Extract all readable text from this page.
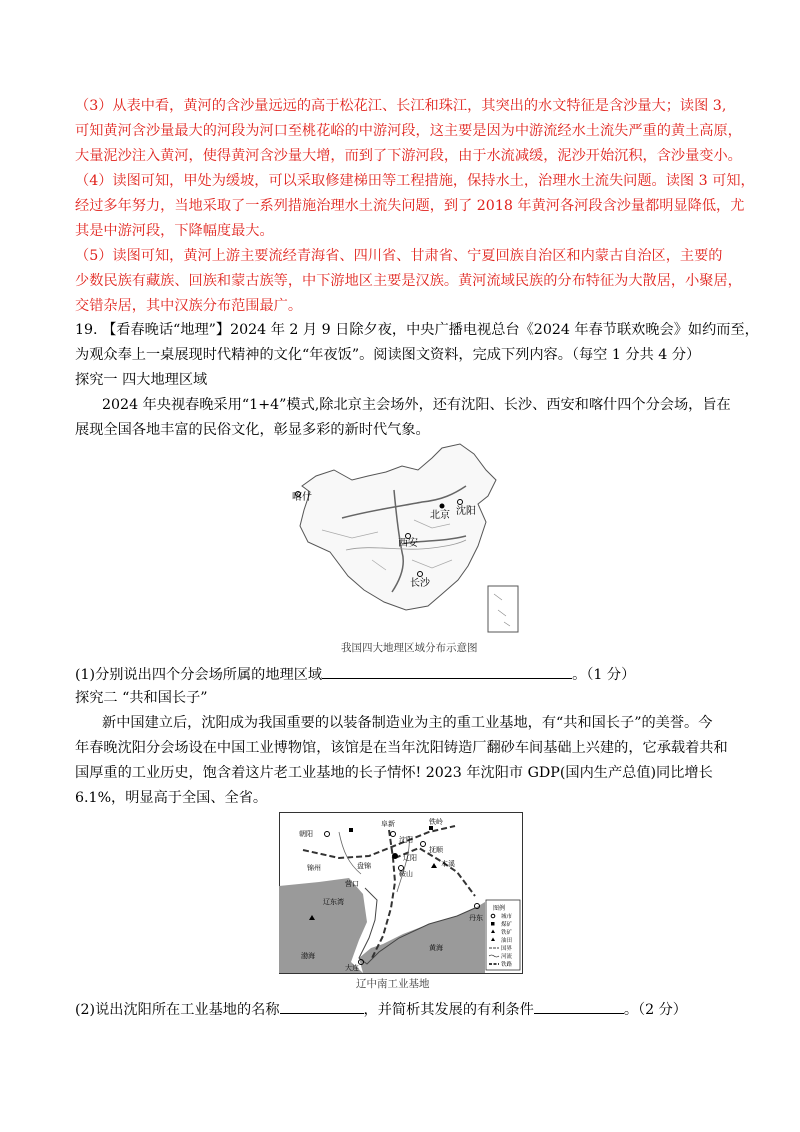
（3）从表中看，黄河的含沙量远远的高于松花江、长江和珠江，其突出的水文特征是含沙量大；读图 3,
可知黄河含沙量最大的河段为河口至桃花峪的中游河段，这主要是因为中游流经水土流失严重的黄土高原，
大量泥沙注入黄河，使得黄河含沙量大增，而到了下游河段，由于水流减缓，泥沙开始沉积，含沙量变小。
（4）读图可知，甲处为缓坡，可以采取修建梯田等工程措施，保持水土，治理水土流失问题。读图 3 可知，
经过多年努力，当地采取了一系列措施治理水土流失问题，到了 2018 年黄河各河段含沙量都明显降低，尤
其是中游河段，下降幅度最大。
（5）读图可知，黄河上游主要流经青海省、四川省、甘肃省、宁夏回族自治区和内蒙古自治区，主要的
少数民族有藏族、回族和蒙古族等，中下游地区主要是汉族。黄河流域民族的分布特征为大散居，小聚居，
交错杂居，其中汉族分布范围最广。
19. 【看春晚话“地理”】2024 年 2 月 9 日除夕夜，中央广播电视总台《2024 年春节联欢晚会》如约而至，
为观众奉上一桌展现时代精神的文化“年夜饭”。阅读图文资料，完成下列内容。（每空 1 分共 4 分）
探究一 四大地理区域
2024 年央视春晚采用“1+4”模式,除北京主会场外，还有沈阳、长沙、西安和喀什四个分会场，旨在
展现全国各地丰富的民俗文化，彰显多彩的新时代气象。
喀什
北京 沈阳
西安
长沙
我国四大地理区域分布示意图
(1)分别说出四个分会场所属的地理区域	。（1 分）
探究二 “共和国长子”
新中国建立后，沈阳成为我国重要的以装备制造业为主的重工业基地，有“共和国长子”的美誉。今
年春晚沈阳分会场设在中国工业博物馆，该馆是在当年沈阳铸造厂翻砂车间基础上兴建的，它承载着共和
国厚重的工业历史，饱含着这片老工业基地的长子情怀! 2023 年沈阳市 GDP(国内生产总值)同比增长
6.1%，明显高于全国、全省。
阜新	铁岭
朝阳
沈阳
抚顺
盘锦
辽阳
本溪
锦州
鞍山
营口
丹东
大连
辽东湾
渤海
黄海
图例
城市
煤矿
铁矿
油田
国界
河流
铁路
辽中南工业基地
(2)说出沈阳所在工业基地的名称	，并简析其发展的有利条件	。（2 分）
